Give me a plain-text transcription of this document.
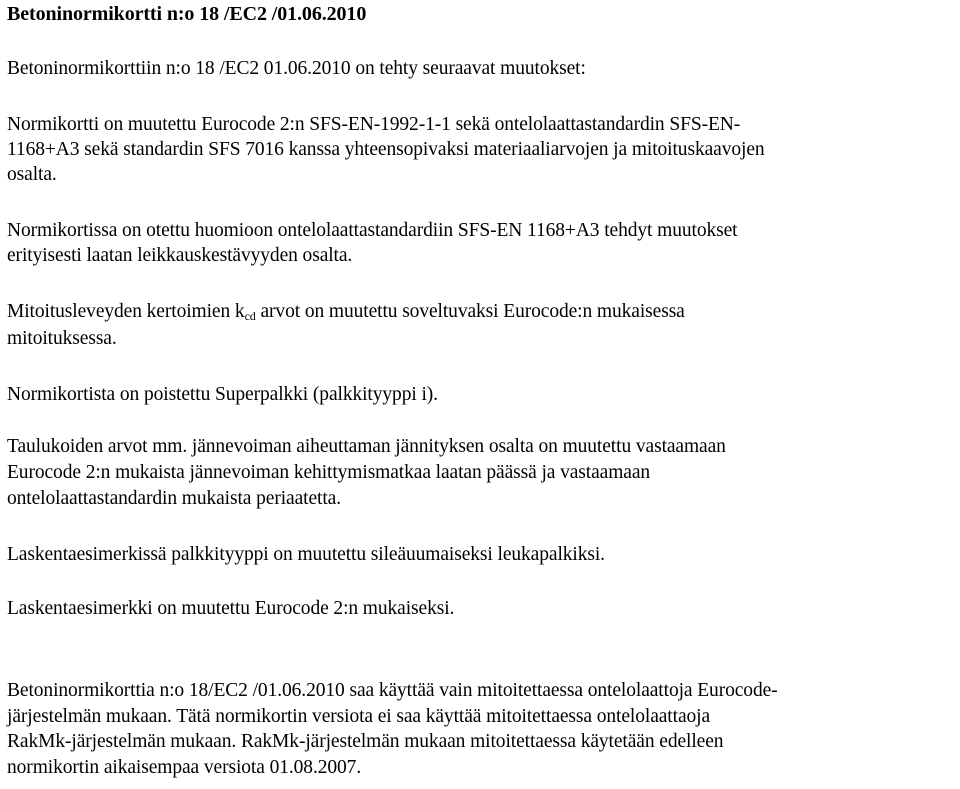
Betoninormikortti n:o 18 /EC2 /01.06.2010
Betoninormikorttiin n:o 18 /EC2 01.06.2010 on tehty seuraavat muutokset:
Normikortti on muutettu Eurocode 2:n SFS-EN-1992-1-1 sekä ontelolaattastandardin SFS-EN-
1168+A3 sekä standardin SFS 7016 kanssa yhteensopivaksi materiaaliarvojen ja mitoituskaavojen
osalta.
Normikortissa on otettu huomioon ontelolaattastandardiin SFS-EN 1168+A3 tehdyt muutokset
erityisesti laatan leikkauskestävyyden osalta.
Mitoitusleveyden kertoimien $k_{cd}$ arvot on muutettu soveltuvaksi Eurocode:n mukaisessa
mitoituksessa.
Normikortista on poistettu Superpalkki (palkkityyppi i).
Taulukoiden arvot mm. jännevoiman aiheuttaman jännityksen osalta on muutettu vastaamaan
Eurocode 2:n mukaista jännevoiman kehittymismatkaa laatan päässä ja vastaamaan
ontelolaattastandardin mukaista periaatetta.
Laskentaesimerkissä palkkityyppi on muutettu sileäuumaiseksi leukapalkiksi.
Laskentaesimerkki on muutettu Eurocode 2:n mukaiseksi.
Betoninormikorttia n:o 18/EC2 /01.06.2010 saa käyttää vain mitoitettaessa ontelolaattoja Eurocode-
järjestelmän mukaan. Tätä normikortin versiota ei saa käyttää mitoitettaessa ontelolaattaoja
RakMk-järjestelmän mukaan. RakMk-järjestelmän mukaan mitoitettaessa käytetään edelleen
normikortin aikaisempaa versiota 01.08.2007.
